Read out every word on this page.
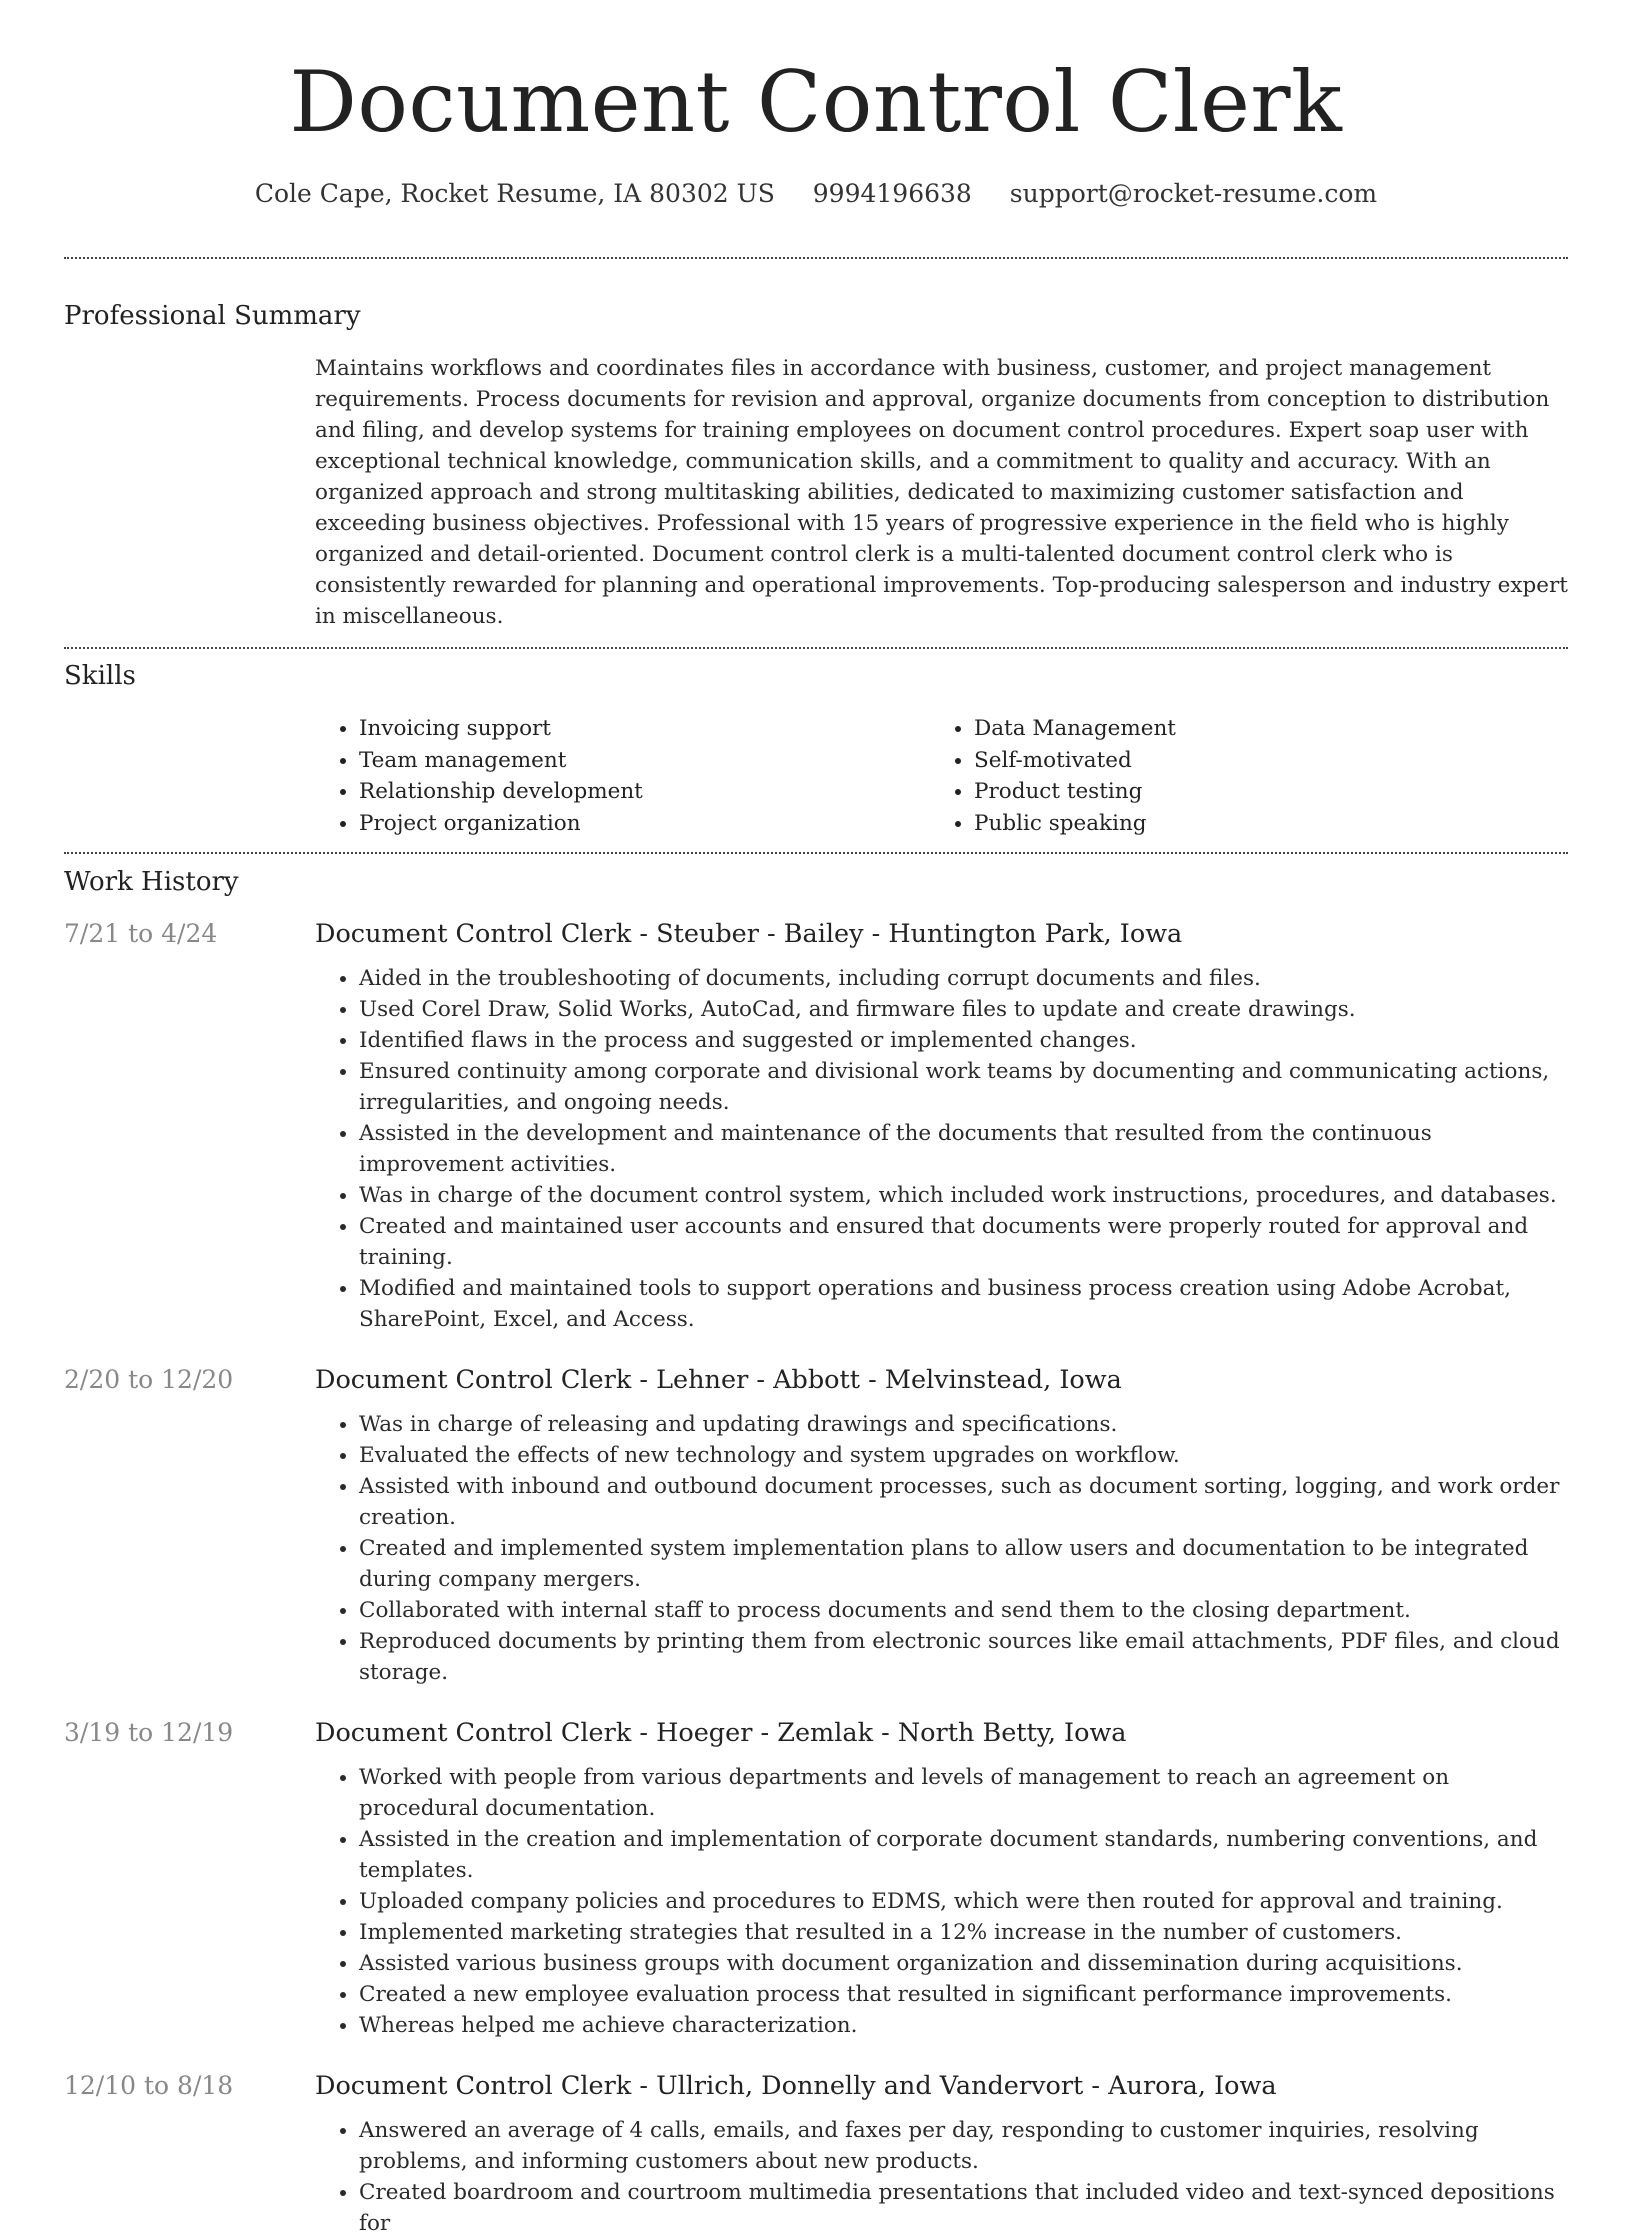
Document Control Clerk
Cole Cape, Rocket Resume, IA 80302 US 9994196638 support@rocket-resume.com
Professional Summary
Maintains workflows and coordinates files in accordance with business, customer, and project management requirements. Process documents for revision and approval, organize documents from conception to distribution and filing, and develop systems for training employees on document control procedures. Expert soap user with exceptional technical knowledge, communication skills, and a commitment to quality and accuracy. With an organized approach and strong multitasking abilities, dedicated to maximizing customer satisfaction and exceeding business objectives. Professional with 15 years of progressive experience in the field who is highly organized and detail-oriented. Document control clerk is a multi-talented document control clerk who is consistently rewarded for planning and operational improvements. Top-producing salesperson and industry expert in miscellaneous.
Skills
• Invoicing support
• Team management
• Relationship development
• Project organization
• Data Management
• Self-motivated
• Product testing
• Public speaking
Work History
7/21 to 4/24	Document Control Clerk - Steuber - Bailey - Huntington Park, Iowa
• Aided in the troubleshooting of documents, including corrupt documents and files.
• Used Corel Draw, Solid Works, AutoCad, and firmware files to update and create drawings.
• Identified flaws in the process and suggested or implemented changes.
• Ensured continuity among corporate and divisional work teams by documenting and communicating actions, irregularities, and ongoing needs.
• Assisted in the development and maintenance of the documents that resulted from the continuous improvement activities.
• Was in charge of the document control system, which included work instructions, procedures, and databases.
• Created and maintained user accounts and ensured that documents were properly routed for approval and training.
• Modified and maintained tools to support operations and business process creation using Adobe Acrobat, SharePoint, Excel, and Access.
2/20 to 12/20	Document Control Clerk - Lehner - Abbott - Melvinstead, Iowa
• Was in charge of releasing and updating drawings and specifications.
• Evaluated the effects of new technology and system upgrades on workflow.
• Assisted with inbound and outbound document processes, such as document sorting, logging, and work order creation.
• Created and implemented system implementation plans to allow users and documentation to be integrated during company mergers.
• Collaborated with internal staff to process documents and send them to the closing department.
• Reproduced documents by printing them from electronic sources like email attachments, PDF files, and cloud storage.
3/19 to 12/19	Document Control Clerk - Hoeger - Zemlak - North Betty, Iowa
• Worked with people from various departments and levels of management to reach an agreement on procedural documentation.
• Assisted in the creation and implementation of corporate document standards, numbering conventions, and templates.
• Uploaded company policies and procedures to EDMS, which were then routed for approval and training.
• Implemented marketing strategies that resulted in a 12% increase in the number of customers.
• Assisted various business groups with document organization and dissemination during acquisitions.
• Created a new employee evaluation process that resulted in significant performance improvements.
• Whereas helped me achieve characterization.
12/10 to 8/18	Document Control Clerk - Ullrich, Donnelly and Vandervort - Aurora, Iowa
• Answered an average of 4 calls, emails, and faxes per day, responding to customer inquiries, resolving problems, and informing customers about new products.
• Created boardroom and courtroom multimedia presentations that included video and text-synced depositions for
